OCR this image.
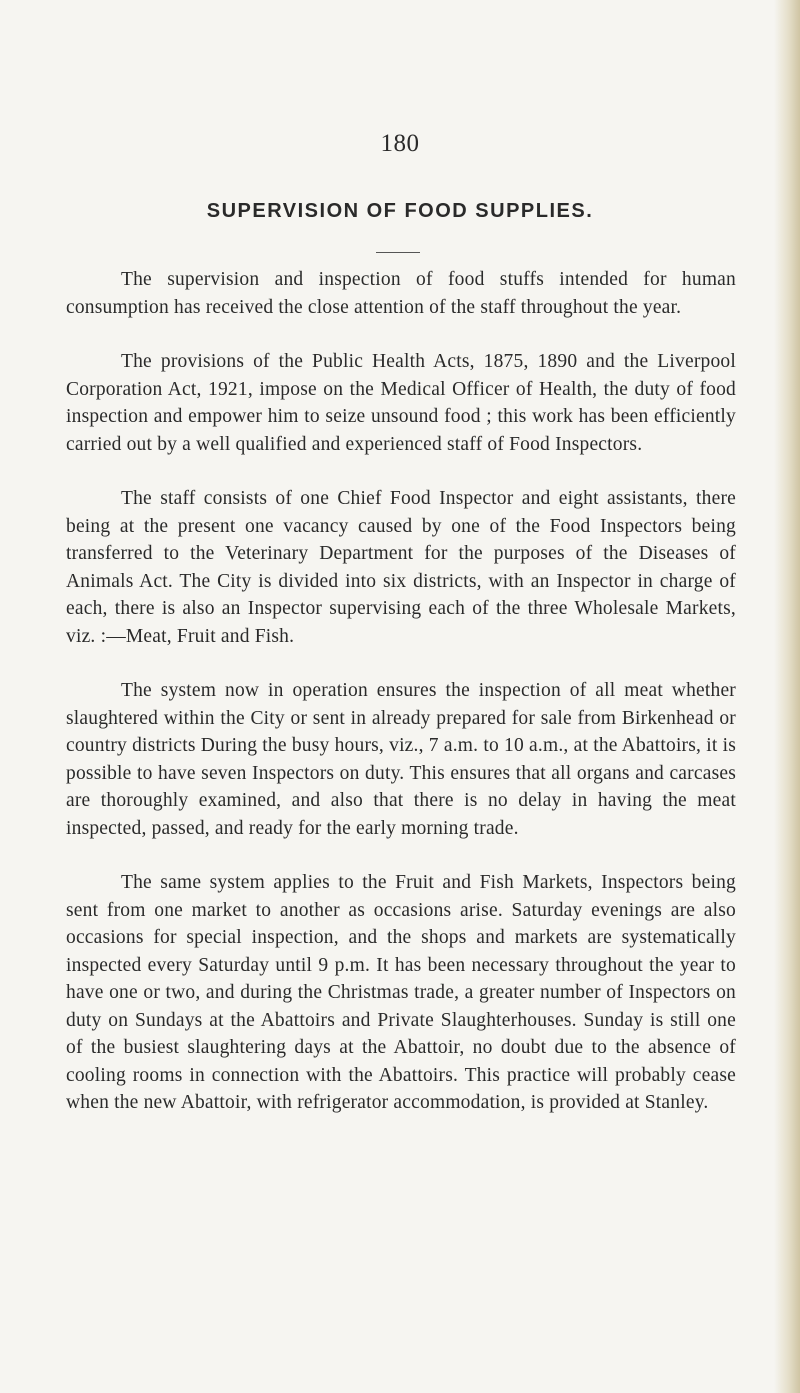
180
SUPERVISION OF FOOD SUPPLIES.

The supervision and inspection of food stuffs intended for human consumption has received the close attention of the staff throughout the year.

The provisions of the Public Health Acts, 1875, 1890 and the Liverpool Corporation Act, 1921, impose on the Medical Officer of Health, the duty of food inspection and empower him to seize unsound food ; this work has been efficiently carried out by a well qualified and experienced staff of Food Inspectors.

The staff consists of one Chief Food Inspector and eight assistants, there being at the present one vacancy caused by one of the Food Inspectors being transferred to the Veterinary Department for the purposes of the Diseases of Animals Act. The City is divided into six districts, with an Inspector in charge of each, there is also an Inspector supervising each of the three Wholesale Markets, viz. :—Meat, Fruit and Fish.

The system now in operation ensures the inspection of all meat whether slaughtered within the City or sent in already prepared for sale from Birkenhead or country districts During the busy hours, viz., 7 a.m. to 10 a.m., at the Abattoirs, it is possible to have seven Inspectors on duty. This ensures that all organs and carcases are thoroughly examined, and also that there is no delay in having the meat inspected, passed, and ready for the early morning trade.

The same system applies to the Fruit and Fish Markets, Inspectors being sent from one market to another as occasions arise. Saturday evenings are also occasions for special inspection, and the shops and markets are systematically inspected every Saturday until 9 p.m. It has been necessary throughout the year to have one or two, and during the Christmas trade, a greater number of Inspectors on duty on Sundays at the Abattoirs and Private Slaughterhouses. Sunday is still one of the busiest slaughtering days at the Abattoir, no doubt due to the absence of cooling rooms in connection with the Abattoirs. This practice will probably cease when the new Abattoir, with refrigerator accommodation, is provided at Stanley.
